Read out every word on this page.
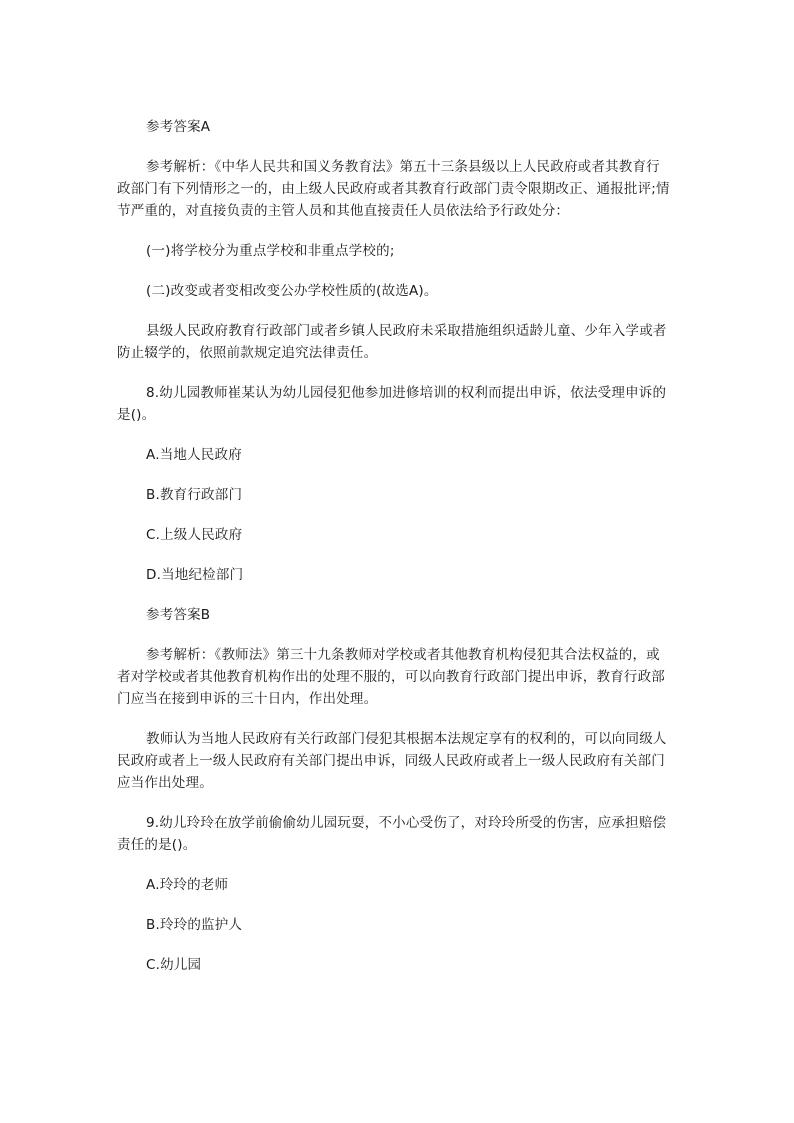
参考答案A

参考解析：《中华人民共和国义务教育法》第五十三条县级以上人民政府或者其教育行政部门有下列情形之一的，由上级人民政府或者其教育行政部门责令限期改正、通报批评;情节严重的，对直接负责的主管人员和其他直接责任人员依法给予行政处分：

(一)将学校分为重点学校和非重点学校的;

(二)改变或者变相改变公办学校性质的(故选A)。

县级人民政府教育行政部门或者乡镇人民政府未采取措施组织适龄儿童、少年入学或者防止辍学的，依照前款规定追究法律责任。

8.幼儿园教师崔某认为幼儿园侵犯他参加进修培训的权利而提出申诉，依法受理申诉的是()。

A.当地人民政府

B.教育行政部门

C.上级人民政府

D.当地纪检部门

参考答案B

参考解析：《教师法》第三十九条教师对学校或者其他教育机构侵犯其合法权益的，或者对学校或者其他教育机构作出的处理不服的，可以向教育行政部门提出申诉，教育行政部门应当在接到申诉的三十日内，作出处理。

教师认为当地人民政府有关行政部门侵犯其根据本法规定享有的权利的，可以向同级人民政府或者上一级人民政府有关部门提出申诉，同级人民政府或者上一级人民政府有关部门应当作出处理。

9.幼儿玲玲在放学前偷偷幼儿园玩耍，不小心受伤了，对玲玲所受的伤害，应承担赔偿责任的是()。

A.玲玲的老师

B.玲玲的监护人

C.幼儿园
